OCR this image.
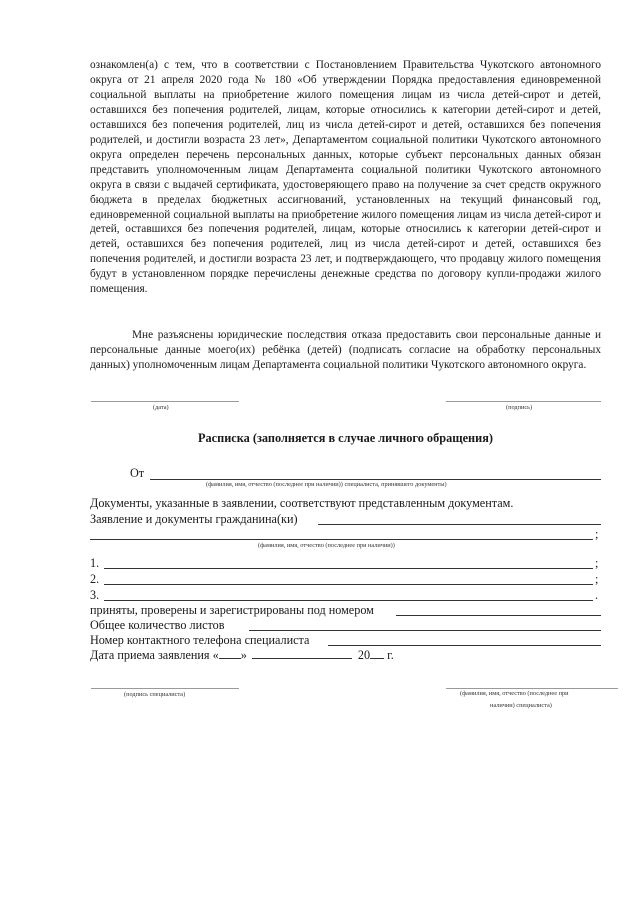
ознакомлен(а) с тем, что в соответствии с Постановлением Правительства Чукотского автономного округа от 21 апреля 2020 года № 180 «Об утверждении Порядка предоставления единовременной социальной выплаты на приобретение жилого помещения лицам из числа детей-сирот и детей, оставшихся без попечения родителей, лицам, которые относились к категории детей-сирот и детей, оставшихся без попечения родителей, лиц из числа детей-сирот и детей, оставшихся без попечения родителей, и достигли возраста 23 лет», Департаментом социальной политики Чукотского автономного округа определен перечень персональных данных, которые субъект персональных данных обязан представить уполномоченным лицам Департамента социальной политики Чукотского автономного округа в связи с выдачей сертификата, удостоверяющего право на получение за счет средств окружного бюджета в пределах бюджетных ассигнований, установленных на текущий финансовый год, единовременной социальной выплаты на приобретение жилого помещения лицам из числа детей-сирот и детей, оставшихся без попечения родителей, лицам, которые относились к категории детей-сирот и детей, оставшихся без попечения родителей, лиц из числа детей-сирот и детей, оставшихся без попечения родителей, и достигли возраста 23 лет, и подтверждающего, что продавцу жилого помещения будут в установленном порядке перечислены денежные средства по договору купли-продажи жилого помещения.

Мне разъяснены юридические последствия отказа предоставить свои персональные данные и персональные данные моего(их) ребёнка (детей) (подписать согласие на обработку персональных данных) уполномоченным лицам Департамента социальной политики Чукотского автономного округа.

(дата)	(подпись)
Расписка (заполняется в случае личного обращения)
От
(фамилия, имя, отчество (последнее при наличии)) специалиста, принявшего документы)
Документы, указанные в заявлении, соответствуют представленным документам.
Заявление и документы гражданина(ки)
;
(фамилия, имя, отчество (последнее при наличии))
1.	;
2.	;
3.	.
приняты, проверены и зарегистрированы под номером
Общее количество листов
Номер контактного телефона специалиста
Дата приема заявления « »	20 г.
(подпись специалиста)	(фамилия, имя, отчество (последнее при
наличии) специалиста)
